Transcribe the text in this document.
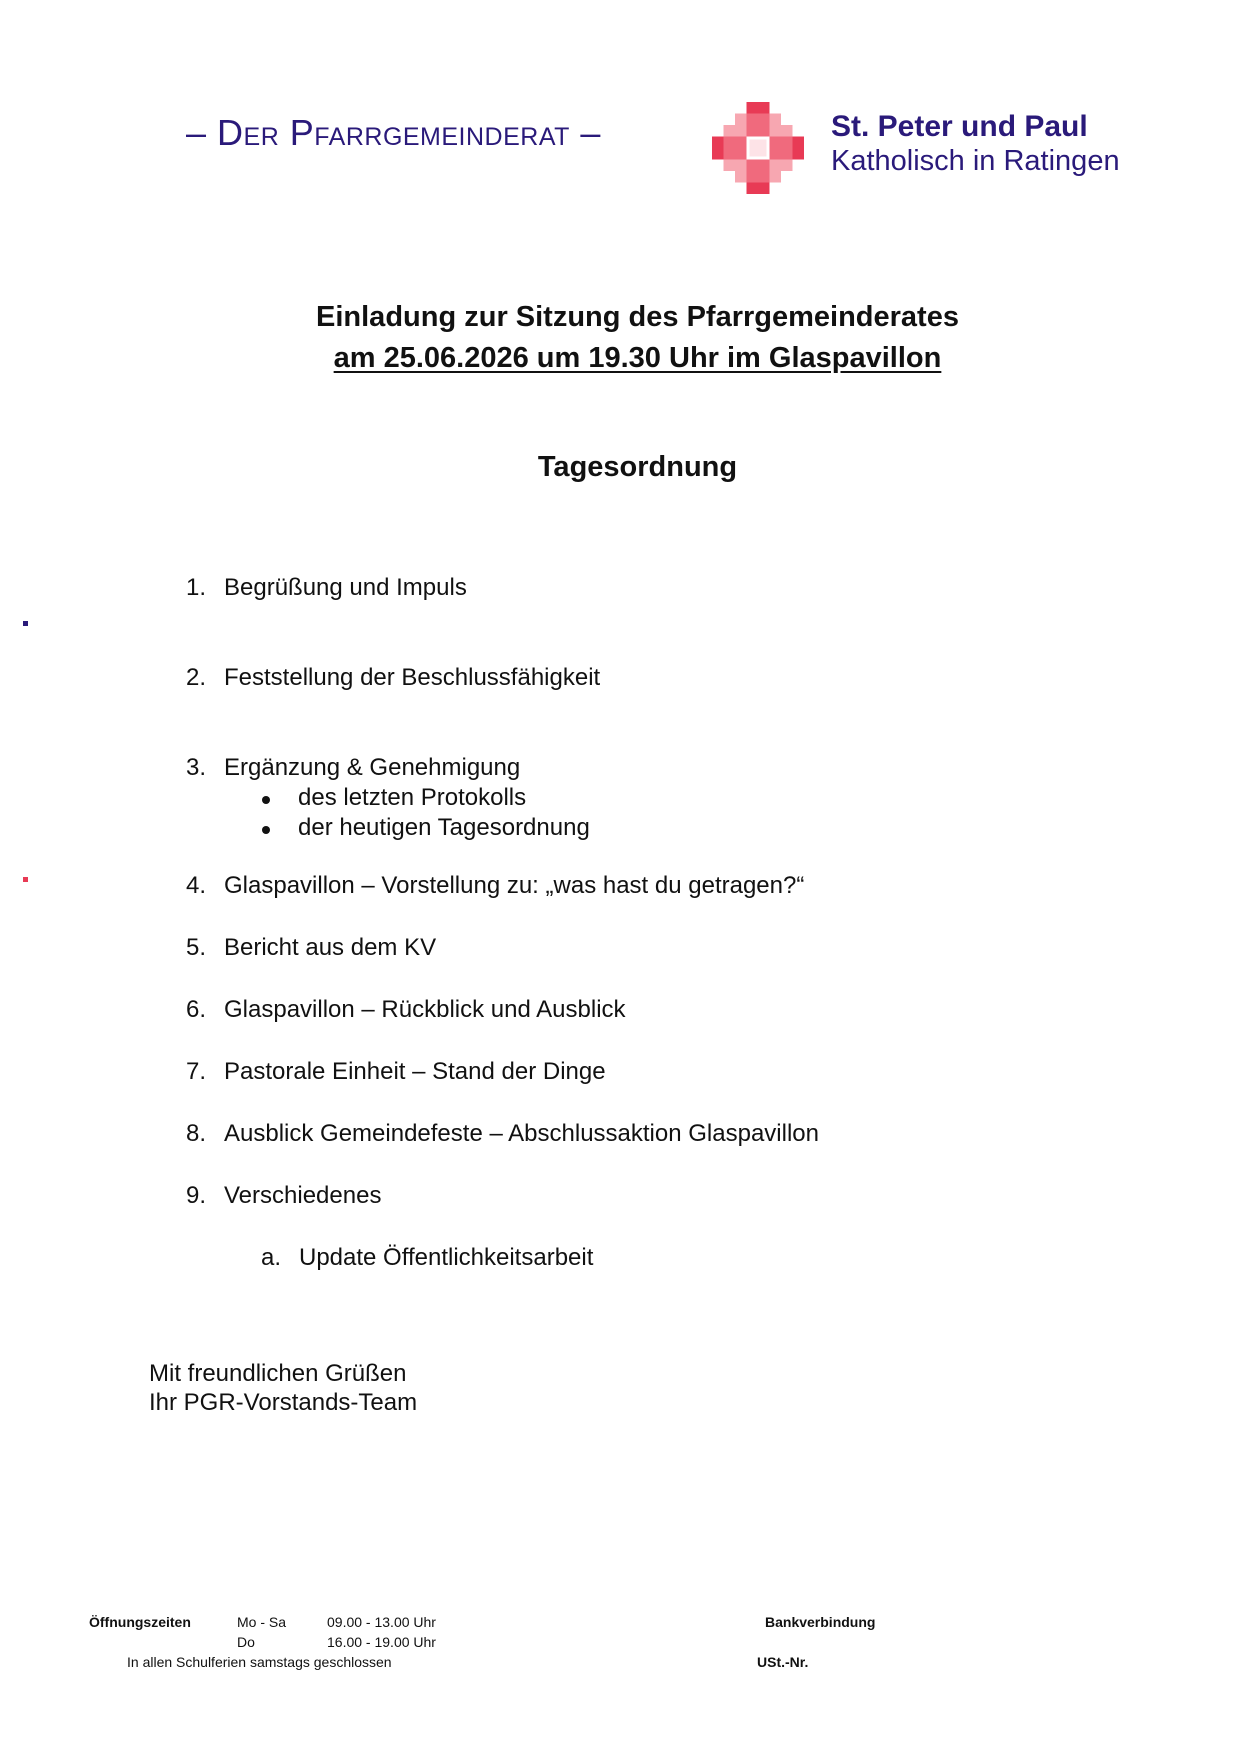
– Der Pfarrgemeinderat –	St. Peter und Paul
Katholisch in Ratingen
Einladung zur Sitzung des Pfarrgemeinderates
am 25.06.2026 um 19.30 Uhr im Glaspavillon
Tagesordnung
1. Begrüßung und Impuls
2. Feststellung der Beschlussfähigkeit
3. Ergänzung & Genehmigung
des letzten Protokolls
der heutigen Tagesordnung
4. Glaspavillon – Vorstellung zu: „was hast du getragen?“
5. Bericht aus dem KV
6. Glaspavillon – Rückblick und Ausblick
7. Pastorale Einheit – Stand der Dinge
8. Ausblick Gemeindefeste – Abschlussaktion Glaspavillon
9. Verschiedenes
a. Update Öffentlichkeitsarbeit
Mit freundlichen Grüßen
Ihr PGR-Vorstands-Team
Öffnungszeiten	Mo - Sa	09.00 - 13.00 Uhr
Do	16.00 - 19.00 Uhr
In allen Schulferien samstags geschlossen
Bankverbindung
USt.-Nr.
